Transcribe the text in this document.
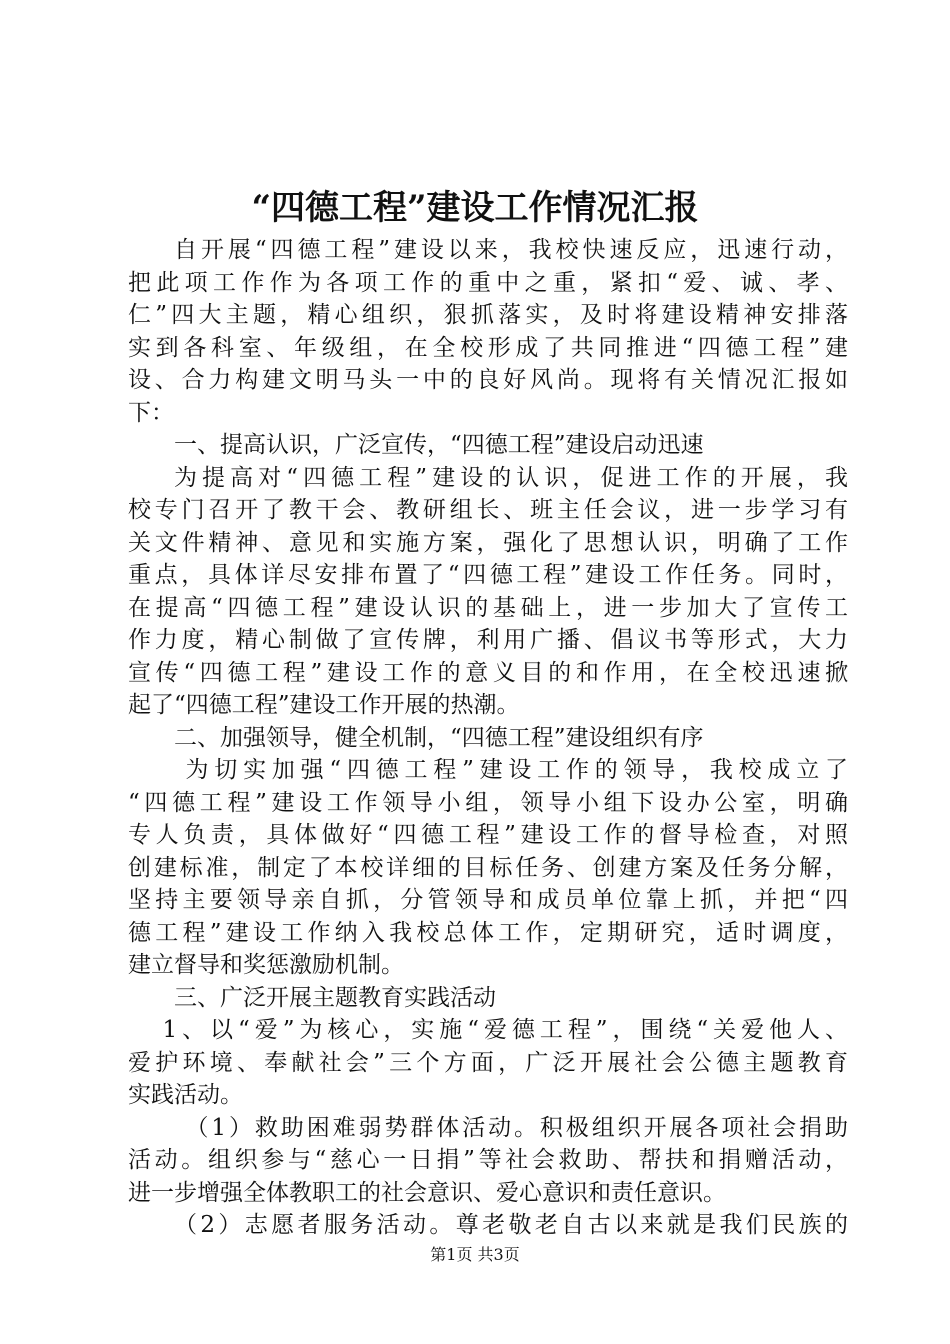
“四德工程”建设工作情况汇报
自开展“四德工程”建设以来，我校快速反应，迅速行动，
把此项工作作为各项工作的重中之重，紧扣“爱、诚、孝、
仁”四大主题，精心组织，狠抓落实，及时将建设精神安排落
实到各科室、年级组，在全校形成了共同推进“四德工程”建
设、合力构建文明马头一中的良好风尚。现将有关情况汇报如
下：
一、提高认识，广泛宣传，“四德工程”建设启动迅速
为提高对“四德工程”建设的认识，促进工作的开展，我
校专门召开了教干会、教研组长、班主任会议，进一步学习有
关文件精神、意见和实施方案，强化了思想认识，明确了工作
重点，具体详尽安排布置了“四德工程”建设工作任务。同时，
在提高“四德工程”建设认识的基础上，进一步加大了宣传工
作力度，精心制做了宣传牌，利用广播、倡议书等形式，大力
宣传“四德工程”建设工作的意义目的和作用，在全校迅速掀
起了“四德工程”建设工作开展的热潮。
二、加强领导，健全机制，“四德工程”建设组织有序
为切实加强“四德工程”建设工作的领导，我校成立了
“四德工程”建设工作领导小组，领导小组下设办公室，明确
专人负责，具体做好“四德工程”建设工作的督导检查，对照
创建标准，制定了本校详细的目标任务、创建方案及任务分解，
坚持主要领导亲自抓，分管领导和成员单位靠上抓，并把“四
德工程”建设工作纳入我校总体工作，定期研究，适时调度，
建立督导和奖惩激励机制。
三、广泛开展主题教育实践活动
1、以“爱”为核心，实施“爱德工程”，围绕“关爱他人、
爱护环境、奉献社会”三个方面，广泛开展社会公德主题教育
实践活动。
（1）救助困难弱势群体活动。积极组织开展各项社会捐助
活动。组织参与“慈心一日捐”等社会救助、帮扶和捐赠活动，
进一步增强全体教职工的社会意识、爱心意识和责任意识。
（2）志愿者服务活动。尊老敬老自古以来就是我们民族的
第1页 共3页
